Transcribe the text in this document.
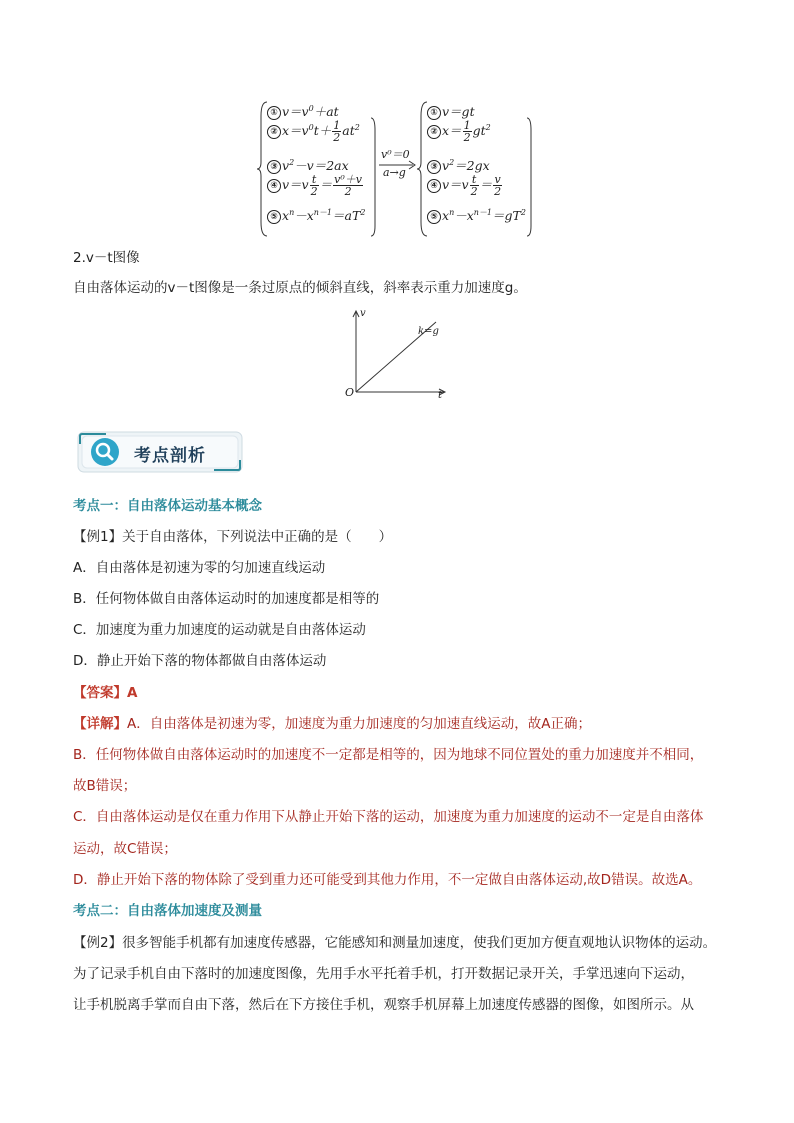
① $v=v^0+at$
② $x=v^0t+ \frac{1}{2} at^2$
③ $v^2-v=2ax$
④ $v=v \frac{t}{2} = \frac{\text{v⁰＋v}}{2}$
⑤ $x^n-x^{n-1}=aT^2$
v⁰＝0
a→g
① v＝gt
② $x= \frac{1}{2} gt^2$
③ $v^2=2gx$
④ $v=v \frac{t}{2} = \frac{v}{2}$
⑤ $x^n-x^{n-1}=gT^2$
2.v－t图像
自由落体运动的v－t图像是一条过原点的倾斜直线，斜率表示重力加速度g。
v
t
O
k=g
考点剖析
考点一：自由落体运动基本概念
【例1】关于自由落体，下列说法中正确的是（　　）
A．自由落体是初速为零的匀加速直线运动
B．任何物体做自由落体运动时的加速度都是相等的
C．加速度为重力加速度的运动就是自由落体运动
D．静止开始下落的物体都做自由落体运动
【答案】A
【详解】A．自由落体是初速为零，加速度为重力加速度的匀加速直线运动，故A正确；
B．任何物体做自由落体运动时的加速度不一定都是相等的，因为地球不同位置处的重力加速度并不相同，
故B错误；
C．自由落体运动是仅在重力作用下从静止开始下落的运动，加速度为重力加速度的运动不一定是自由落体
运动，故C错误；
D．静止开始下落的物体除了受到重力还可能受到其他力作用，不一定做自由落体运动,故D错误。故选A。
考点二：自由落体加速度及测量
【例2】很多智能手机都有加速度传感器，它能感知和测量加速度，使我们更加方便直观地认识物体的运动。
为了记录手机自由下落时的加速度图像，先用手水平托着手机，打开数据记录开关，手掌迅速向下运动，
让手机脱离手掌而自由下落，然后在下方接住手机，观察手机屏幕上加速度传感器的图像，如图所示。从
